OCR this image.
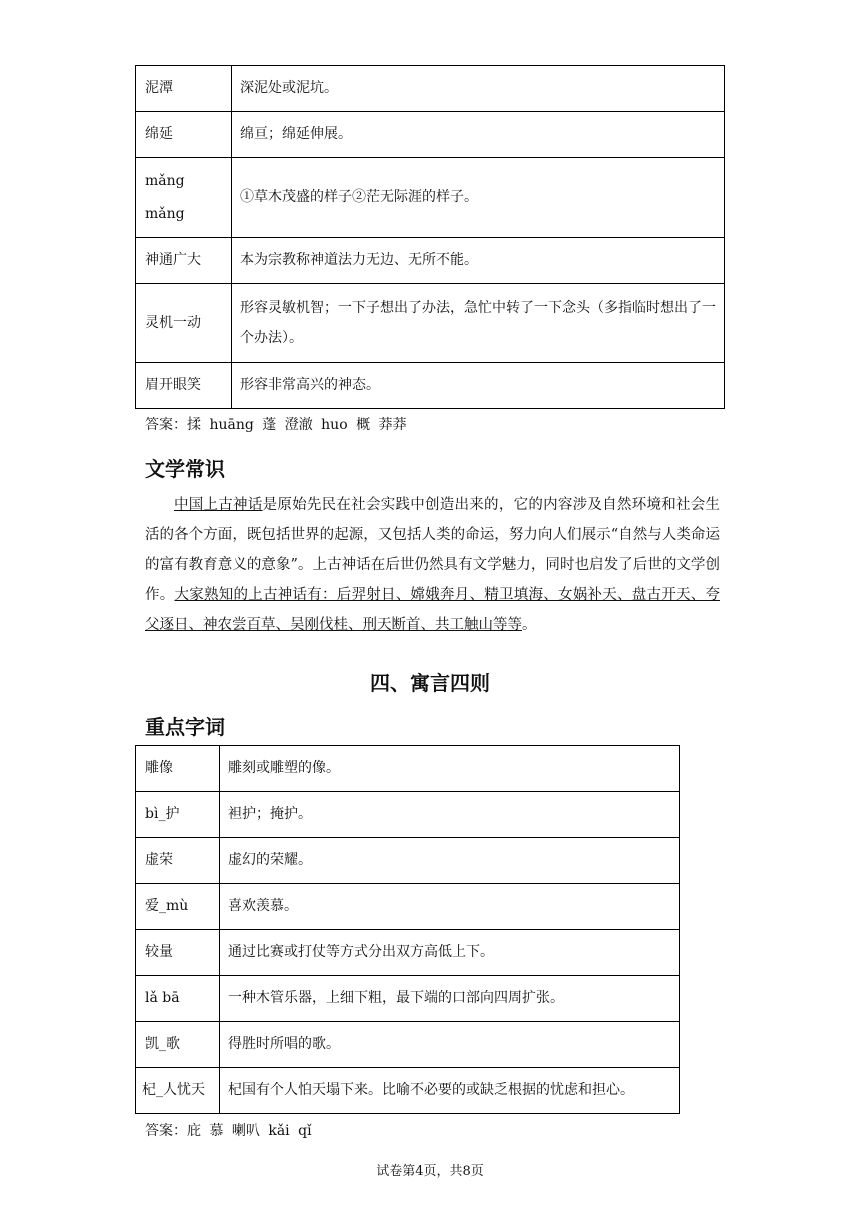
泥潭	深泥处或泥坑。
绵延	绵亘；绵延伸展。
mǎng mǎng	①草木茂盛的样子②茫无际涯的样子。
神通广大	本为宗教称神道法力无边、无所不能。
灵机一动	形容灵敏机智；一下子想出了办法，急忙中转了一下念头（多指临时想出了一个办法）。
眉开眼笑	形容非常高兴的神态。
答案：揉 huāng 蓬 澄澈 huo 概 莽莽
文学常识
中国上古神话是原始先民在社会实践中创造出来的，它的内容涉及自然环境和社会生活的各个方面，既包括世界的起源，又包括人类的命运，努力向人们展示“自然与人类命运的富有教育意义的意象”。上古神话在后世仍然具有文学魅力，同时也启发了后世的文学创作。大家熟知的上古神话有：后羿射日、嫦娥奔月、精卫填海、女娲补天、盘古开天、夸父逐日、神农尝百草、吴刚伐桂、刑天断首、共工触山等等。
四、寓言四则
重点字词
雕像	雕刻或雕塑的像。
bì_护	袒护；掩护。
虚荣	虚幻的荣耀。
爱_mù	喜欢羡慕。
较量	通过比赛或打仗等方式分出双方高低上下。
lǎ bā	一种木管乐器，上细下粗，最下端的口部向四周扩张。
凯_歌	得胜时所唱的歌。
杞_人忧天	杞国有个人怕天塌下来。比喻不必要的或缺乏根据的忧虑和担心。
答案：庇 慕 喇叭 kǎi qǐ
试卷第4页，共8页
